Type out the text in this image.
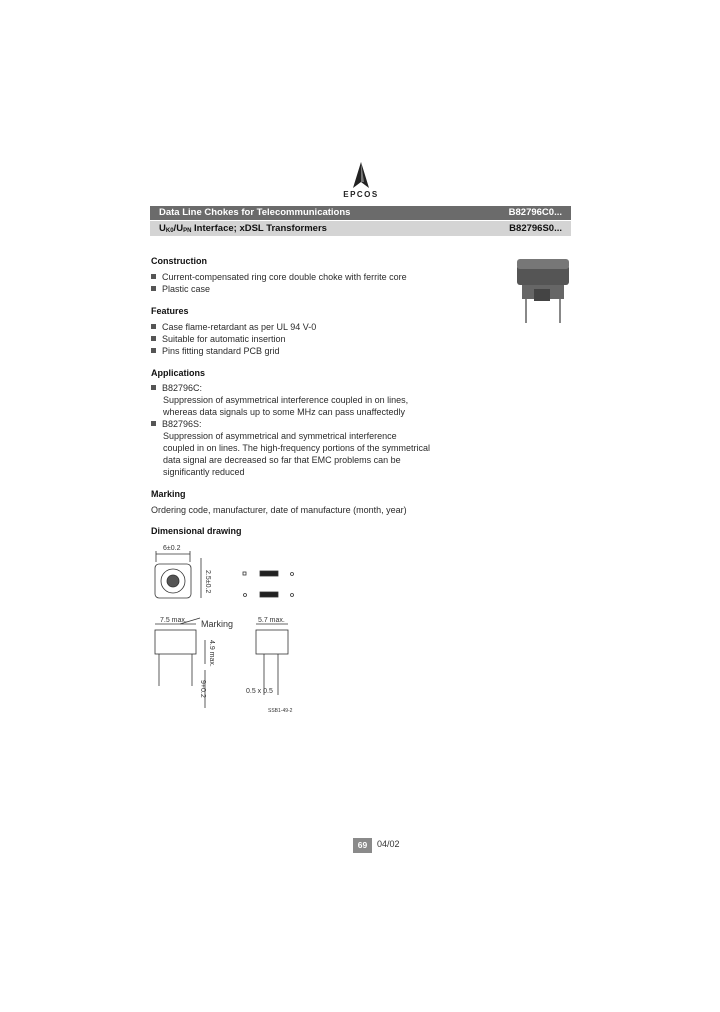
EPCOS
Data Line Chokes for Telecommunications	B82796C0...
$U_{K0}/U_{PN}$ Interface; xDSL Transformers	B82796S0...
Construction
Current-compensated ring core double choke with ferrite core
Plastic case
Features
Case flame-retardant as per UL 94 V-0
Suitable for automatic insertion
Pins fitting standard PCB grid
Applications
B82796C:
Suppression of asymmetrical interference coupled in on lines,
whereas data signals up to some MHz can pass unaffectedly
B82796S:
Suppression of asymmetrical and symmetrical interference
coupled in on lines. The high-frequency portions of the symmetrical
data signal are decreased so far that EMC problems can be
significantly reduced
Marking
Ordering code, manufacturer, date of manufacture (month, year)
Dimensional drawing
6±0.2
2.5±0.2
7.5 max. Marking
4.9 max.
9+0.2
5.7 max.
0.5 x 0.5
SSB1-49-2
69	04/02
